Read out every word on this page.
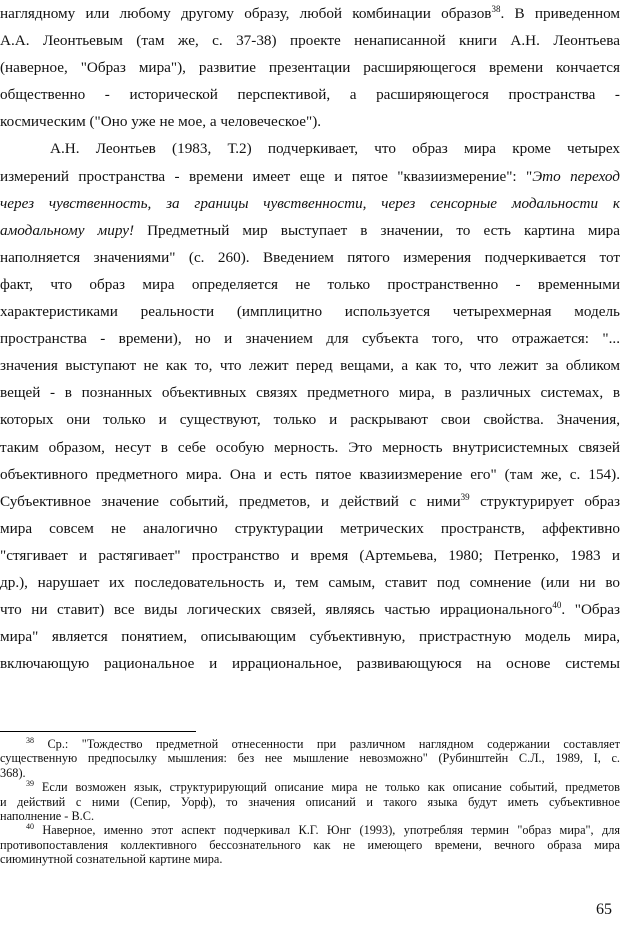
наглядному или любому другому образу, любой комбинации образов$^{38}$. В приведенном
А.А. Леонтьевым (там же, с. 37-38) проекте ненаписанной книги А.Н. Леонтьева
(наверное, "Образ мира"), развитие презентации расширяющегося времени кончается
общественно - исторической перспективой, а расширяющегося пространства -
космическим ("Оно уже не мое, а человеческое").
А.Н. Леонтьев (1983, Т.2) подчеркивает, что образ мира кроме четырех
измерений пространства - времени имеет еще и пятое "квазиизмерение": "Это переход
через чувственность, за границы чувственности, через сенсорные модальности к
амодальному миру! Предметный мир выступает в значении, то есть картина мира
наполняется значениями" (с. 260). Введением пятого измерения подчеркивается тот
факт, что образ мира определяется не только пространственно - временными
характеристиками реальности (имплицитно используется четырехмерная модель
пространства - времени), но и значением для субъекта того, что отражается: "...
значения выступают не как то, что лежит перед вещами, а как то, что лежит за обликом
вещей - в познанных объективных связях предметного мира, в различных системах, в
которых они только и существуют, только и раскрывают свои свойства. Значения,
таким образом, несут в себе особую мерность. Это мерность внутрисистемных связей
объективного предметного мира. Она и есть пятое квазиизмерение его" (там же, с. 154).
Субъективное значение событий, предметов, и действий с ними$^{39}$ структурирует образ
мира совсем не аналогично структурации метрических пространств, аффективно
"стягивает и растягивает" пространство и время (Артемьева, 1980; Петренко, 1983 и
др.), нарушает их последовательность и, тем самым, ставит под сомнение (или ни во
что ни ставит) все виды логических связей, являясь частью иррационального$^{40}$. "Образ
мира" является понятием, описывающим субъективную, пристрастную модель мира,
включающую рациональное и иррациональное, развивающуюся на основе системы
$^{38}$ Ср.: "Тождество предметной отнесенности при различном наглядном содержании составляет
существенную предпосылку мышления: без нее мышление невозможно" (Рубинштейн С.Л., 1989, I, с.
368).
$^{39}$ Если возможен язык, структурирующий описание мира не только как описание событий, предметов
и действий с ними (Сепир, Уорф), то значения описаний и такого языка будут иметь субъективное
наполнение - В.С.
$^{40}$ Наверное, именно этот аспект подчеркивал К.Г. Юнг (1993), употребляя термин "образ мира", для
противопоставления коллективного бессознательного как не имеющего времени, вечного образа мира
сиюминутной сознательной картине мира.
65
